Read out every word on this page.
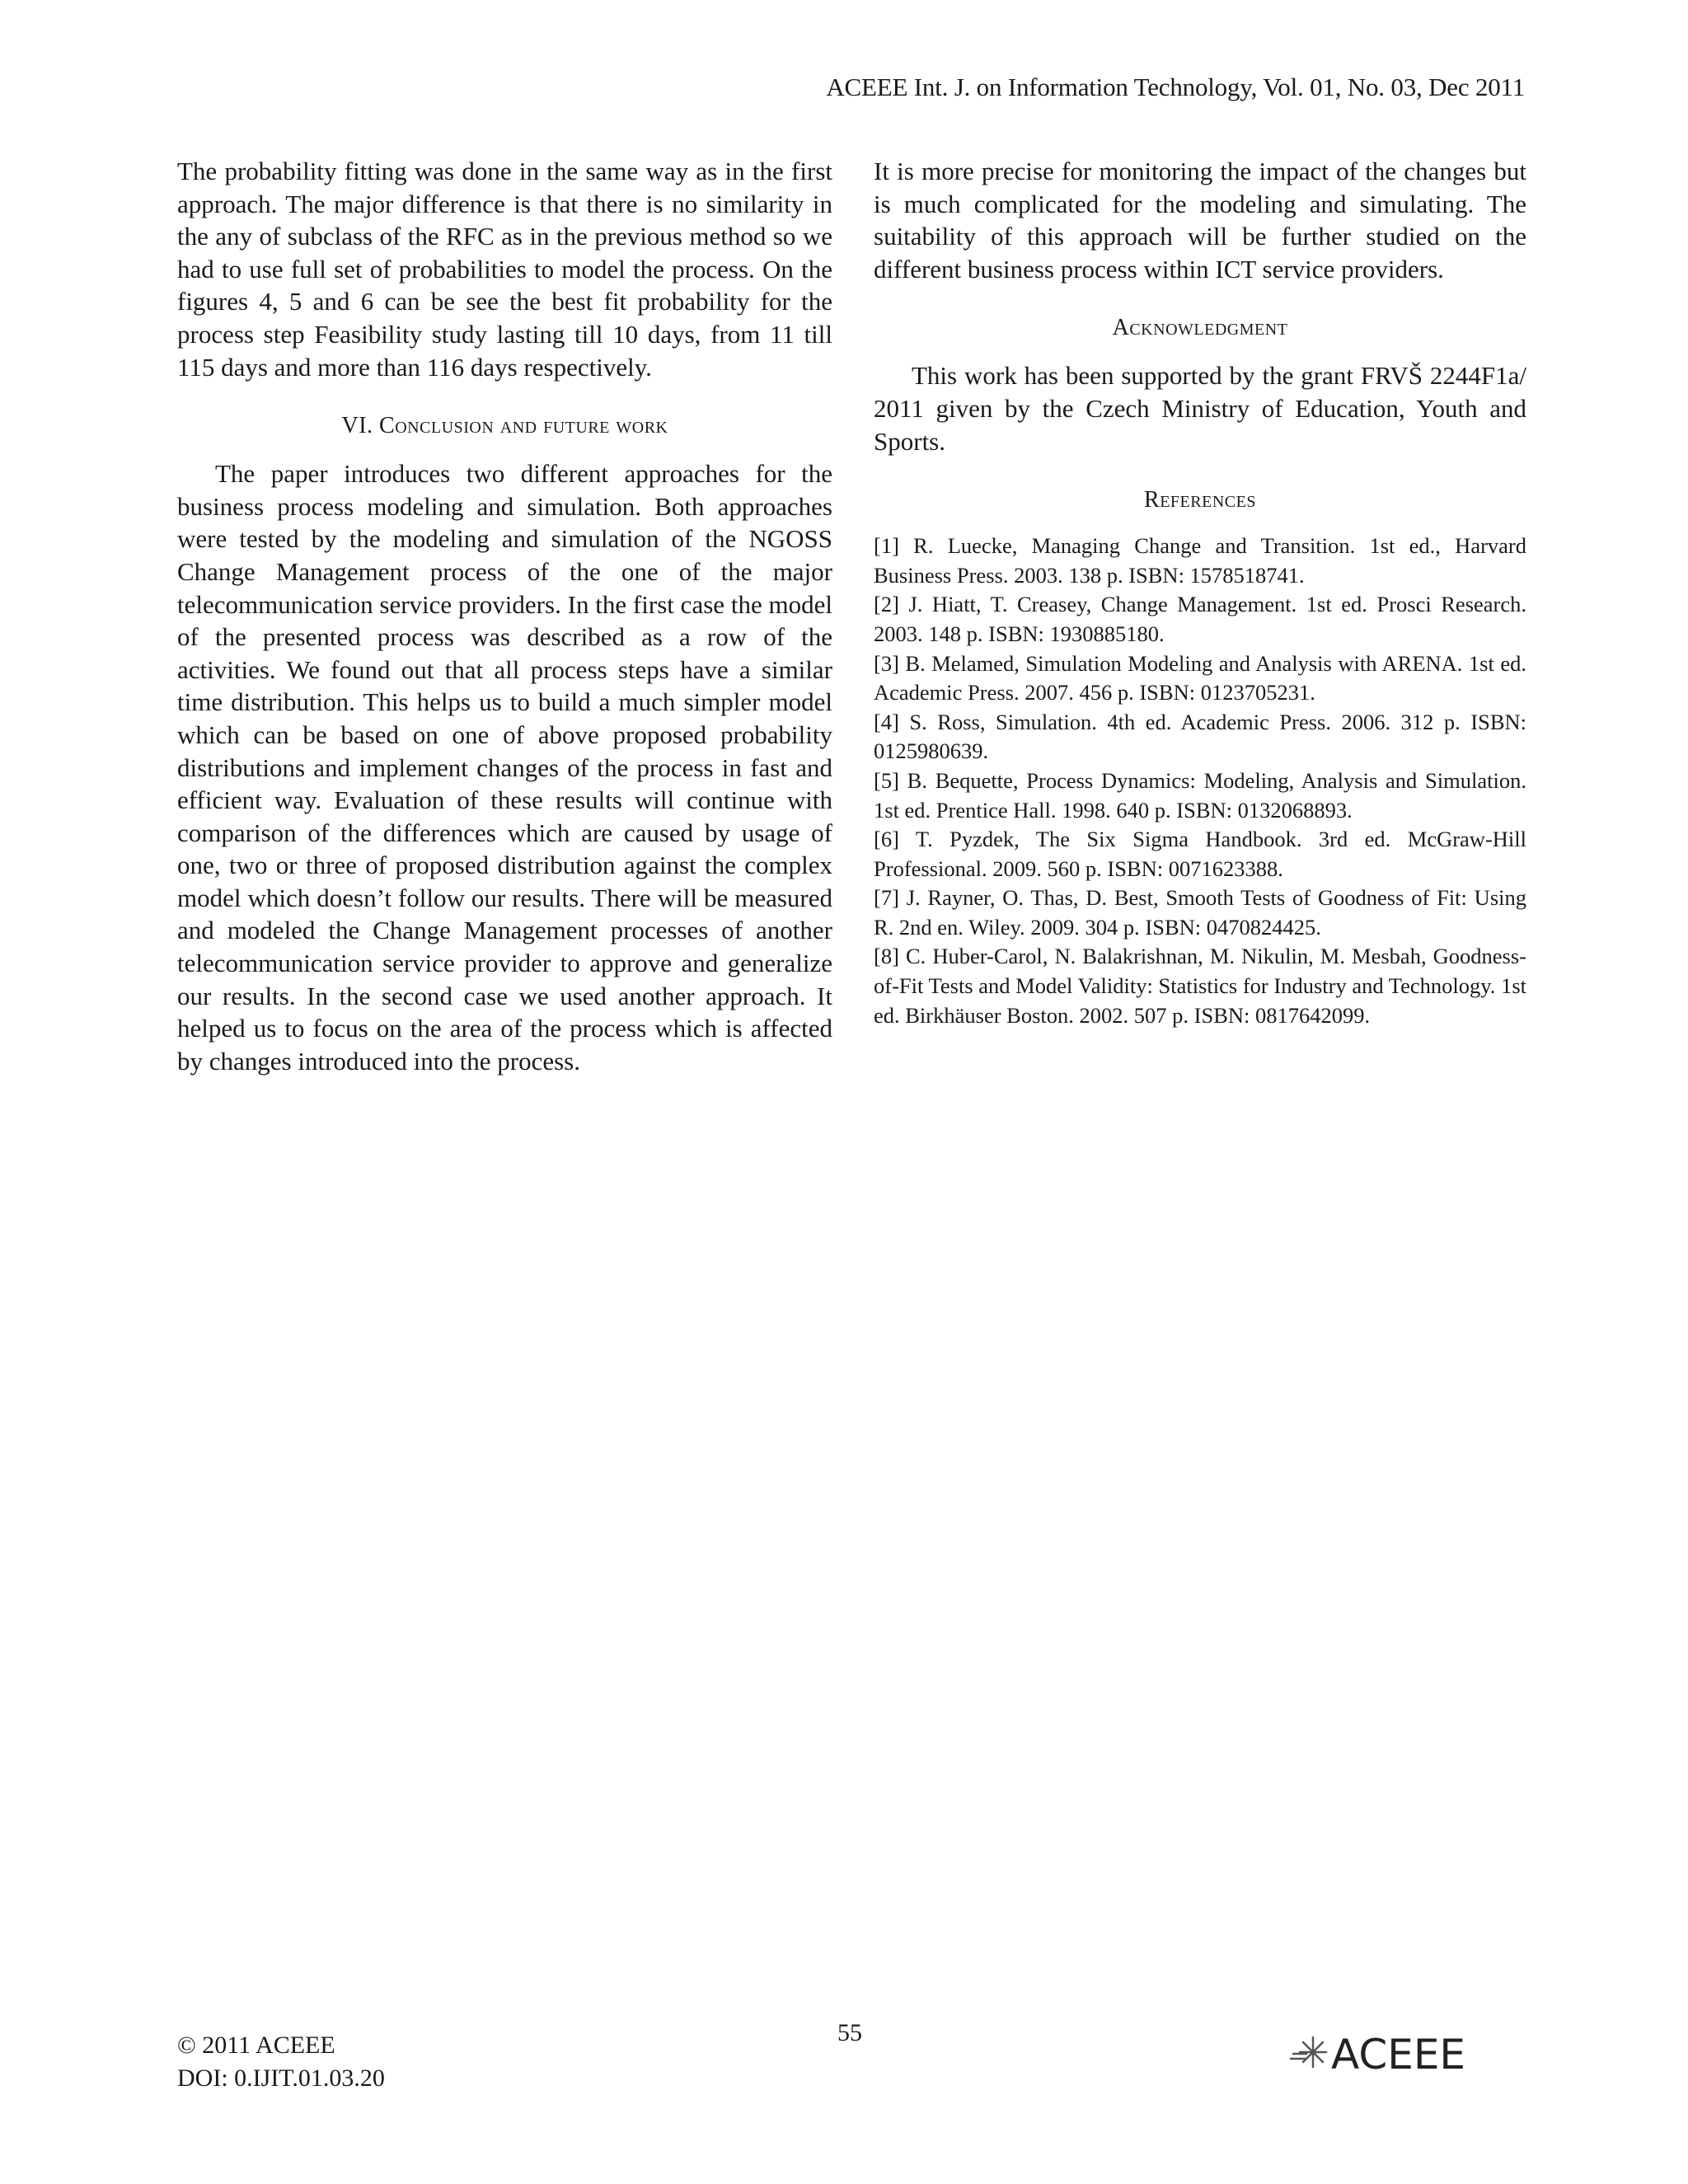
ACEEE Int. J. on Information Technology, Vol. 01, No. 03, Dec 2011

The probability fitting was done in the same way as in the first approach. The major difference is that there is no similarity in the any of subclass of the RFC as in the previous method so we had to use full set of probabilities to model the process. On the figures 4, 5 and 6 can be see the best fit probability for the process step Feasibility study lasting till 10 days, from 11 till 115 days and more than 116 days respectively.

VI. Conclusion and future work

The paper introduces two different approaches for the business process modeling and simulation. Both approaches were tested by the modeling and simulation of the NGOSS Change Management process of the one of the major telecommunication service providers. In the first case the model of the presented process was described as a row of the activities. We found out that all process steps have a similar time distribution. This helps us to build a much simpler model which can be based on one of above proposed probability distributions and implement changes of the process in fast and efficient way. Evaluation of these results will continue with comparison of the differences which are caused by usage of one, two or three of proposed distribution against the complex model which doesn’t follow our results. There will be measured and modeled the Change Management processes of another telecommunication service provider to approve and generalize our results. In the second case we used another approach. It helped us to focus on the area of the process which is affected by changes introduced into the process.

It is more precise for monitoring the impact of the changes but is much complicated for the modeling and simulating. The suitability of this approach will be further studied on the different business process within ICT service providers.

Acknowledgment

This work has been supported by the grant FRVŠ 2244F1a/ 2011 given by the Czech Ministry of Education, Youth and Sports.

References
[1] R. Luecke, Managing Change and Transition. 1st ed., Harvard Business Press. 2003. 138 p. ISBN: 1578518741.
[2] J. Hiatt, T. Creasey, Change Management. 1st ed. Prosci Research. 2003. 148 p. ISBN: 1930885180.
[3] B. Melamed, Simulation Modeling and Analysis with ARENA. 1st ed. Academic Press. 2007. 456 p. ISBN: 0123705231.
[4] S. Ross, Simulation. 4th ed. Academic Press. 2006. 312 p. ISBN: 0125980639.
[5] B. Bequette, Process Dynamics: Modeling, Analysis and Simulation. 1st ed. Prentice Hall. 1998. 640 p. ISBN: 0132068893.
[6] T. Pyzdek, The Six Sigma Handbook. 3rd ed. McGraw-Hill Professional. 2009. 560 p. ISBN: 0071623388.
[7] J. Rayner, O. Thas, D. Best, Smooth Tests of Goodness of Fit: Using R. 2nd en. Wiley. 2009. 304 p. ISBN: 0470824425.
[8] C. Huber-Carol, N. Balakrishnan, M. Nikulin, M. Mesbah, Goodness-of-Fit Tests and Model Validity: Statistics for Industry and Technology. 1st ed. Birkhäuser Boston. 2002. 507 p. ISBN: 0817642099.
© 2011 ACEEE
DOI: 0.IJIT.01.03.20
55	ACEEE
